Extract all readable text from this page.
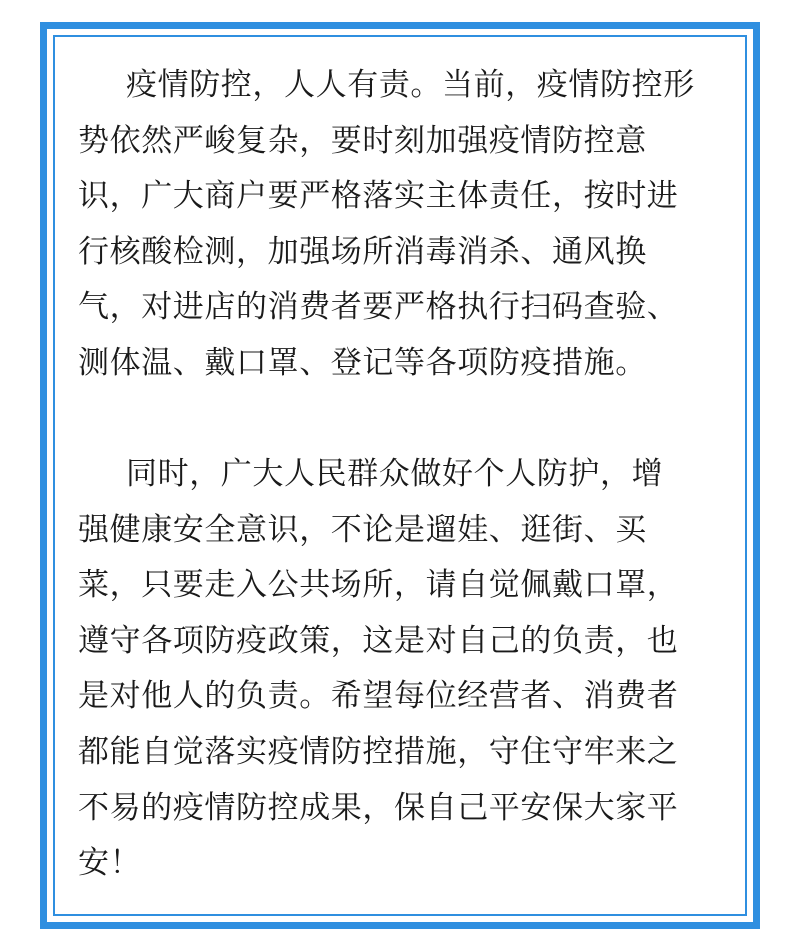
疫情防控，人人有责。当前，疫情防控形
势依然严峻复杂，要时刻加强疫情防控意
识，广大商户要严格落实主体责任，按时进
行核酸检测，加强场所消毒消杀、通风换
气，对进店的消费者要严格执行扫码查验、
测体温、戴口罩、登记等各项防疫措施。
同时，广大人民群众做好个人防护，增
强健康安全意识，不论是遛娃、逛街、买
菜，只要走入公共场所，请自觉佩戴口罩，
遵守各项防疫政策，这是对自己的负责，也
是对他人的负责。希望每位经营者、消费者
都能自觉落实疫情防控措施，守住守牢来之
不易的疫情防控成果，保自己平安保大家平
安！
